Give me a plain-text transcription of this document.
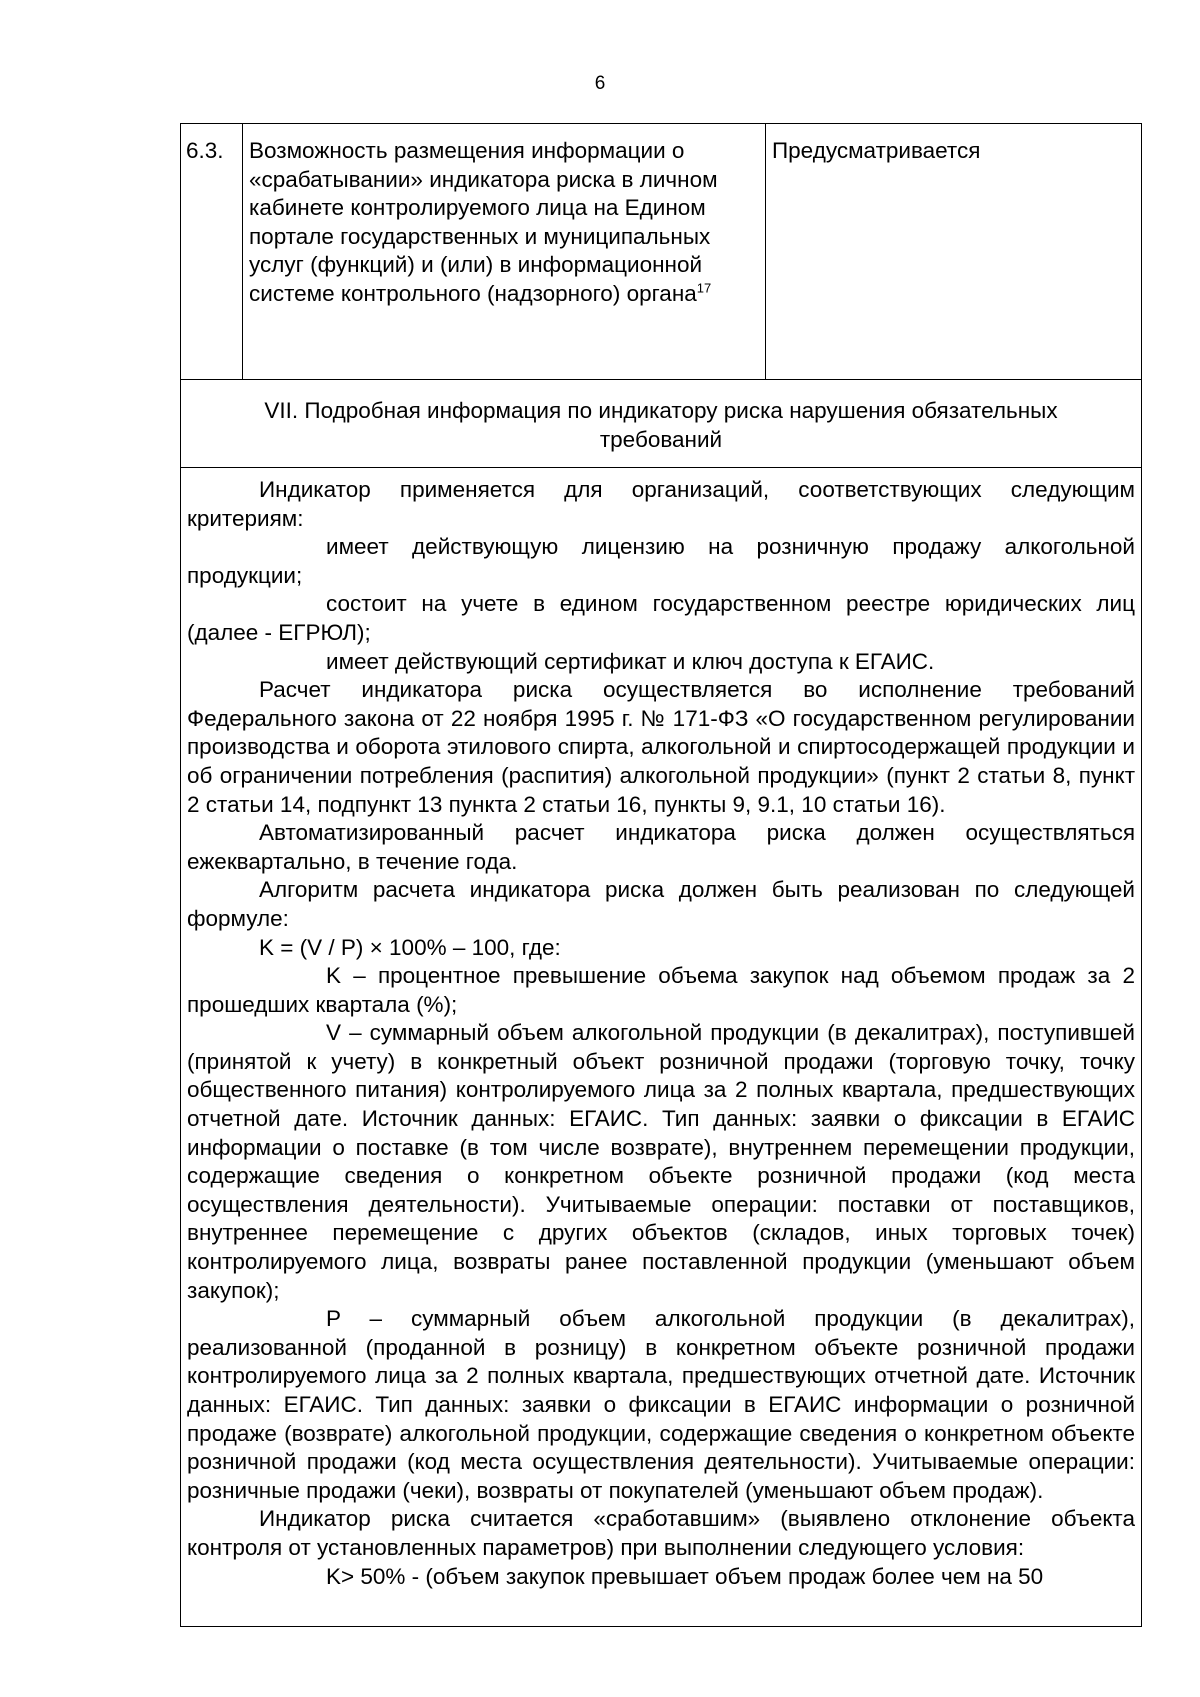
6
6.3.	Возможность размещения информации о «срабатывании» индикатора риска в личном кабинете контролируемого лица на Едином портале государственных и муниципальных услуг (функций) и (или) в информационной системе контрольного (надзорного) органа$^{17}$	Предусматривается
VII. Подробная информация по индикатору риска нарушения обязательных требований

Индикатор применяется для организаций, соответствующих следующим критериям:

имеет действующую лицензию на розничную продажу алкогольной продукции;

состоит на учете в едином государственном реестре юридических лиц (далее - ЕГРЮЛ);

имеет действующий сертификат и ключ доступа к ЕГАИС.

Расчет индикатора риска осуществляется во исполнение требований Федерального закона от 22 ноября 1995 г. № 171-ФЗ «О государственном регулировании производства и оборота этилового спирта, алкогольной и спиртосодержащей продукции и об ограничении потребления (распития) алкогольной продукции» (пункт 2 статьи 8, пункт 2 статьи 14, подпункт 13 пункта 2 статьи 16, пункты 9, 9.1, 10 статьи 16).

Автоматизированный расчет индикатора риска должен осуществляться ежеквартально, в течение года.

Алгоритм расчета индикатора риска должен быть реализован по следующей формуле:

K = (V / P) × 100% – 100, где:

K – процентное превышение объема закупок над объемом продаж за 2 прошедших квартала (%);

V – суммарный объем алкогольной продукции (в декалитрах), поступившей (принятой к учету) в конкретный объект розничной продажи (торговую точку, точку общественного питания) контролируемого лица за 2 полных квартала, предшествующих отчетной дате. Источник данных: ЕГАИС. Тип данных: заявки о фиксации в ЕГАИС информации о поставке (в том числе возврате), внутреннем перемещении продукции, содержащие сведения о конкретном объекте розничной продажи (код места осуществления деятельности). Учитываемые операции: поставки от поставщиков, внутреннее перемещение с других объектов (складов, иных торговых точек) контролируемого лица, возвраты ранее поставленной продукции (уменьшают объем закупок);

P – суммарный объем алкогольной продукции (в декалитрах), реализованной (проданной в розницу) в конкретном объекте розничной продажи контролируемого лица за 2 полных квартала, предшествующих отчетной дате. Источник данных: ЕГАИС. Тип данных: заявки о фиксации в ЕГАИС информации о розничной продаже (возврате) алкогольной продукции, содержащие сведения о конкретном объекте розничной продажи (код места осуществления деятельности). Учитываемые операции: розничные продажи (чеки), возвраты от покупателей (уменьшают объем продаж).

Индикатор риска считается «сработавшим» (выявлено отклонение объекта контроля от установленных параметров) при выполнении следующего условия:

K> 50% - (объем закупок превышает объем продаж более чем на 50
